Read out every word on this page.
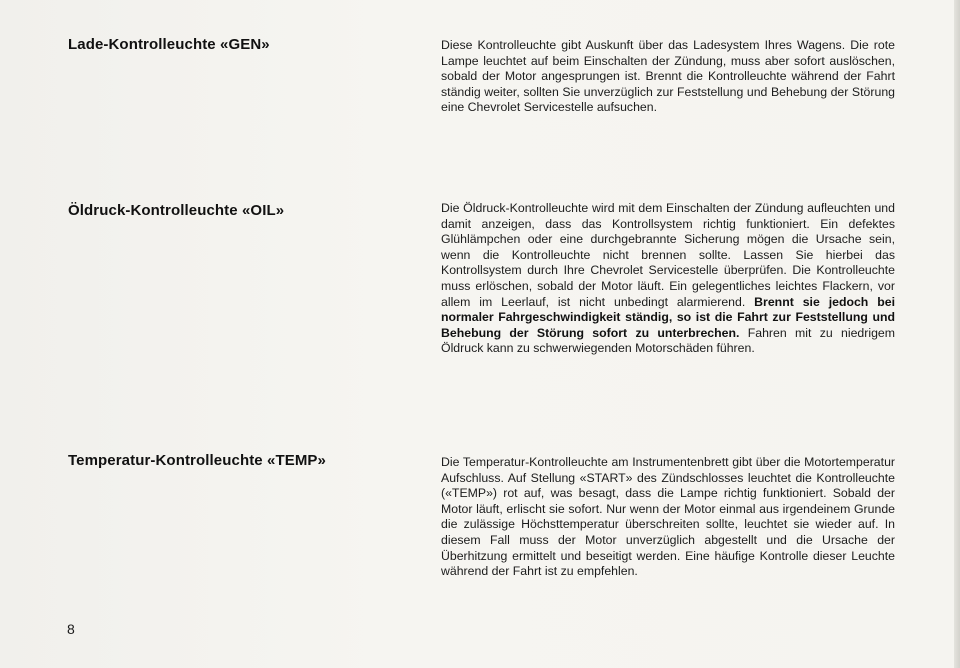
Lade-Kontrolleuchte «GEN»	Diese Kontrolleuchte gibt Auskunft über das Ladesystem Ihres Wagens. Die rote Lampe leuchtet auf beim Einschalten der Zündung, muss aber sofort auslöschen, sobald der Motor angesprungen ist. Brennt die Kontrolleuchte während der Fahrt ständig weiter, sollten Sie unverzüglich zur Feststellung und Behebung der Störung eine Chevrolet Servicestelle aufsuchen.
Öldruck-Kontrolleuchte «OIL»	Die Öldruck-Kontrolleuchte wird mit dem Einschalten der Zündung aufleuchten und damit anzeigen, dass das Kontrollsystem richtig funktioniert. Ein defektes Glühlämpchen oder eine durchgebrannte Sicherung mögen die Ursache sein, wenn die Kontrolleuchte nicht brennen sollte. Lassen Sie hierbei das Kontrollsystem durch Ihre Chevrolet Servicestelle überprüfen. Die Kontrolleuchte muss erlöschen, sobald der Motor läuft. Ein gelegentliches leichtes Flackern, vor allem im Leerlauf, ist nicht unbedingt alarmierend. Brennt sie jedoch bei normaler Fahrgeschwindigkeit ständig, so ist die Fahrt zur Feststellung und Behebung der Störung sofort zu unterbrechen. Fahren mit zu niedrigem Öldruck kann zu schwerwiegenden Motorschäden führen.
Temperatur-Kontrolleuchte «TEMP»	Die Temperatur-Kontrolleuchte am Instrumentenbrett gibt über die Motortemperatur Aufschluss. Auf Stellung «START» des Zündschlosses leuchtet die Kontrolleuchte («TEMP») rot auf, was besagt, dass die Lampe richtig funktioniert. Sobald der Motor läuft, erlischt sie sofort. Nur wenn der Motor einmal aus irgendeinem Grunde die zulässige Höchsttemperatur überschreiten sollte, leuchtet sie wieder auf. In diesem Fall muss der Motor unverzüglich abgestellt und die Ursache der Überhitzung ermittelt und beseitigt werden. Eine häufige Kontrolle dieser Leuchte während der Fahrt ist zu empfehlen.
8
